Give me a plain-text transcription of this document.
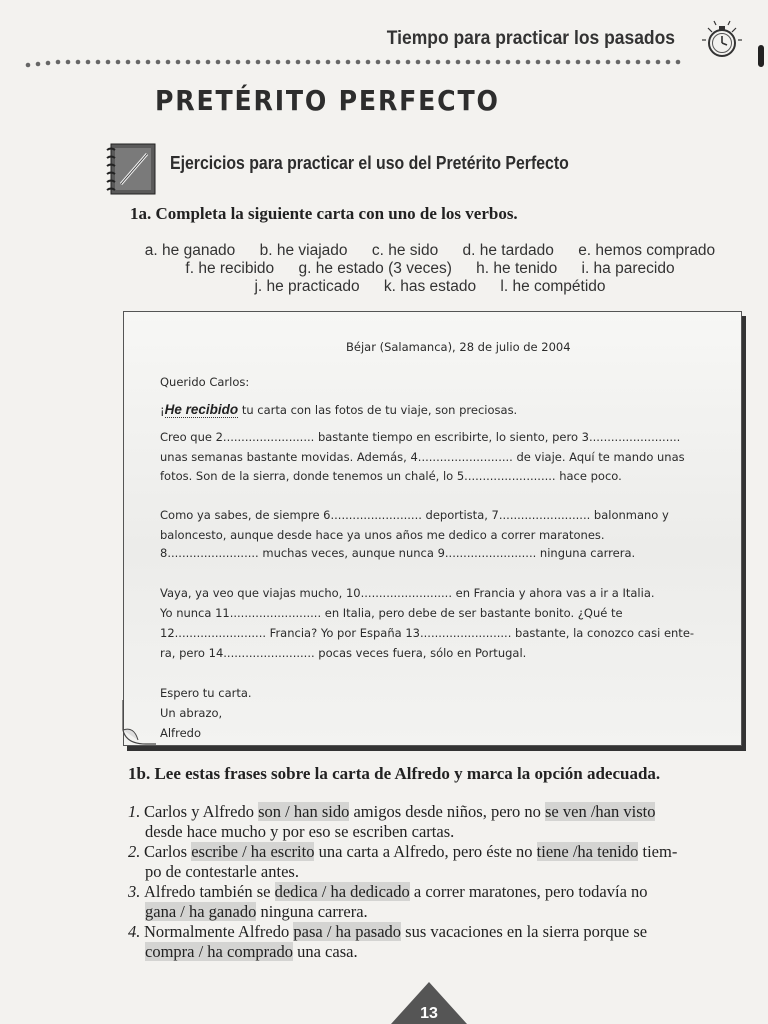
Tiempo para practicar los pasados
PRETÉRITO PERFECTO
Ejercicios para practicar el uso del Pretérito Perfecto
1a. Completa la siguiente carta con uno de los verbos.
a. he ganado b. he viajado c. he sido d. he tardado e. hemos comprado
f. he recibido g. he estado (3 veces) h. he tenido i. ha parecido
j. he practicado k. has estado l. he compétido
Béjar (Salamanca), 28 de julio de 2004
Querido Carlos:
¡He recibido tu carta con las fotos de tu viaje, son preciosas.
Creo que 2......................... bastante tiempo en escribirte, lo siento, pero 3.........................
unas semanas bastante movidas. Además, 4.......................... de viaje. Aquí te mando unas
fotos. Son de la sierra, donde tenemos un chalé, lo 5......................... hace poco.
Como ya sabes, de siempre 6......................... deportista, 7......................... balonmano y
baloncesto, aunque desde hace ya unos años me dedico a correr maratones.
8......................... muchas veces, aunque nunca 9......................... ninguna carrera.
Vaya, ya veo que viajas mucho, 10......................... en Francia y ahora vas a ir a Italia.
Yo nunca 11......................... en Italia, pero debe de ser bastante bonito. ¿Qué te
12......................... Francia? Yo por España 13......................... bastante, la conozco casi ente-
ra, pero 14......................... pocas veces fuera, sólo en Portugal.
Espero tu carta.
Un abrazo,
Alfredo
1b. Lee estas frases sobre la carta de Alfredo y marca la opción adecuada.
1. Carlos y Alfredo son / han sido amigos desde niños, pero no se ven /han visto
desde hace mucho y por eso se escriben cartas.
2. Carlos escribe / ha escrito una carta a Alfredo, pero éste no tiene /ha tenido tiem-
po de contestarle antes.
3. Alfredo también se dedica / ha dedicado a correr maratones, pero todavía no
gana / ha ganado ninguna carrera.
4. Normalmente Alfredo pasa / ha pasado sus vacaciones en la sierra porque se
compra / ha comprado una casa.
13
